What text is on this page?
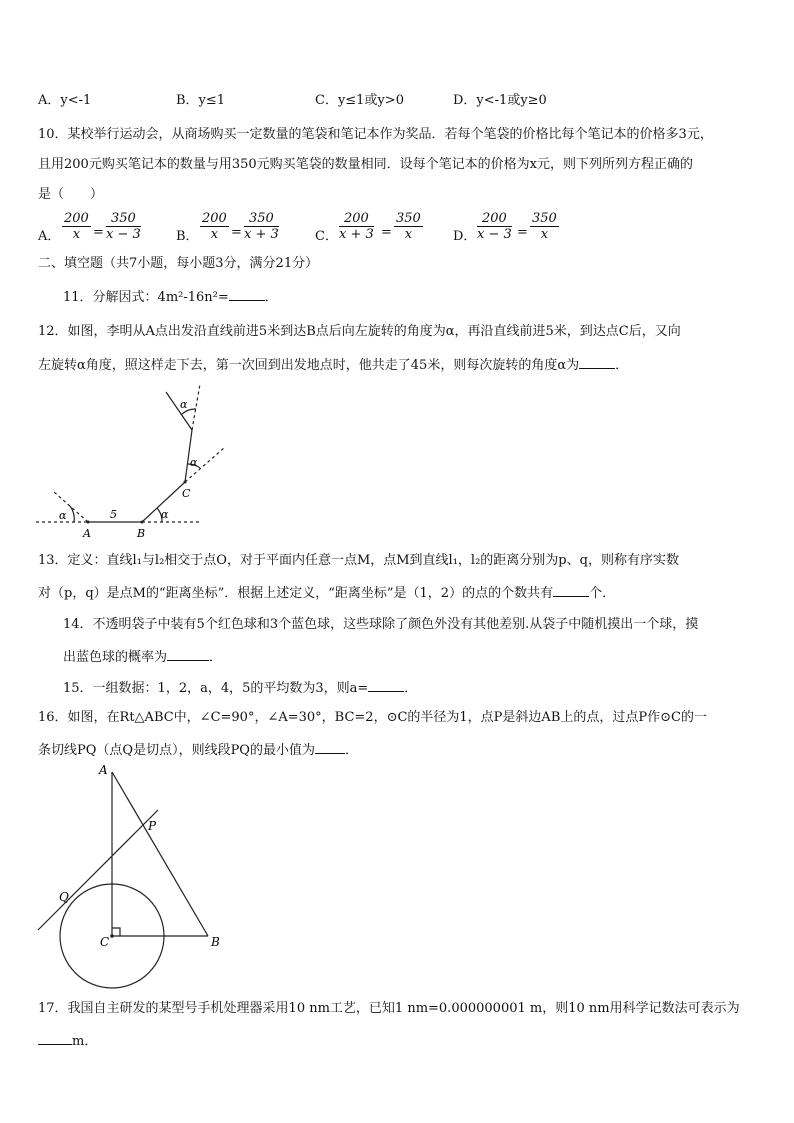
A．y<-1	B．y≤1	C．y≤1或y>0	D．y<-1或y≥0
10．某校举行运动会，从商场购买一定数量的笔袋和笔记本作为奖品．若每个笔袋的价格比每个笔记本的价格多3元，
且用200元购买笔记本的数量与用350元购买笔袋的数量相同．设每个笔记本的价格为x元，则下列所列方程正确的
是（　　）
A． $\frac{200}{x} = \frac{350}{x - 3}$	B． $\frac{200}{x} = \frac{350}{x + 3}$	C． $\frac{200}{x + 3} = \frac{350}{x}$ D． $\frac{200}{x - 3} = \frac{350}{x}$
二、填空题（共7小题，每小题3分，满分21分）
11．分解因式：4m²-16n²=	．
12．如图，李明从A点出发沿直线前进5米到达B点后向左旋转的角度为α，再沿直线前进5米，到达点C后，又向
左旋转α角度，照这样走下去，第一次回到出发地点时，他共走了45米，则每次旋转的角度α为	．
A	B
C
5
α	α
α
α
13．定义：直线l₁与l₂相交于点O，对于平面内任意一点M，点M到直线l₁，l₂的距离分别为p、q，则称有序实数
对（p，q）是点M的“距离坐标”．根据上述定义，“距离坐标”是（1，2）的点的个数共有	个．
14．不透明袋子中装有5个红色球和3个蓝色球，这些球除了颜色外没有其他差别.从袋子中随机摸出一个球，摸
出蓝色球的概率为	．
15．一组数据：1，2，a，4，5的平均数为3，则a=	．
16．如图，在Rt△ABC中，∠C=90°，∠A=30°，BC=2，⊙C的半径为1，点P是斜边AB上的点，过点P作⊙C的一
条切线PQ（点Q是切点），则线段PQ的最小值为 ．
A
P
Q
C	B
17．我国自主研发的某型号手机处理器采用10 nm工艺，已知1 nm=0.000000001 m，则10 nm用科学记数法可表示为
m．
